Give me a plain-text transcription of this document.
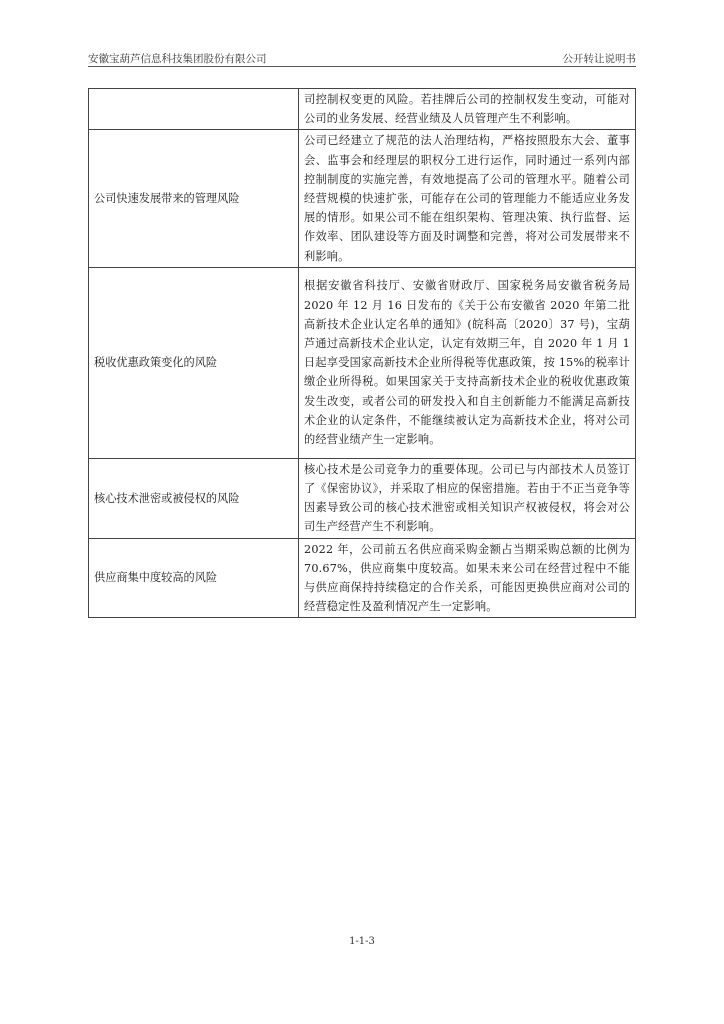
安徽宝葫芦信息科技集团股份有限公司	公开转让说明书
	司控制权变更的风险。若挂牌后公司的控制权发生变动，可能对公司的业务发展、经营业绩及人员管理产生不利影响。
公司快速发展带来的管理风险	公司已经建立了规范的法人治理结构，严格按照股东大会、董事会、监事会和经理层的职权分工进行运作，同时通过一系列内部控制制度的实施完善，有效地提高了公司的管理水平。随着公司经营规模的快速扩张，可能存在公司的管理能力不能适应业务发展的情形。如果公司不能在组织架构、管理决策、执行监督、运作效率、团队建设等方面及时调整和完善，将对公司发展带来不利影响。
税收优惠政策变化的风险	根据安徽省科技厅、安徽省财政厅、国家税务局安徽省税务局 2020 年 12 月 16 日发布的《关于公布安徽省 2020 年第二批高新技术企业认定名单的通知》(皖科高〔2020〕37 号)，宝葫芦通过高新技术企业认定，认定有效期三年，自 2020 年 1 月 1 日起享受国家高新技术企业所得税等优惠政策，按 15%的税率计缴企业所得税。如果国家关于支持高新技术企业的税收优惠政策发生改变，或者公司的研发投入和自主创新能力不能满足高新技术企业的认定条件，不能继续被认定为高新技术企业，将对公司的经营业绩产生一定影响。
核心技术泄密或被侵权的风险	核心技术是公司竞争力的重要体现。公司已与内部技术人员签订了《保密协议》，并采取了相应的保密措施。若由于不正当竞争等因素导致公司的核心技术泄密或相关知识产权被侵权，将会对公司生产经营产生不利影响。
供应商集中度较高的风险	2022 年，公司前五名供应商采购金额占当期采购总额的比例为 70.67%，供应商集中度较高。如果未来公司在经营过程中不能与供应商保持持续稳定的合作关系，可能因更换供应商对公司的经营稳定性及盈利情况产生一定影响。
1-1-3
